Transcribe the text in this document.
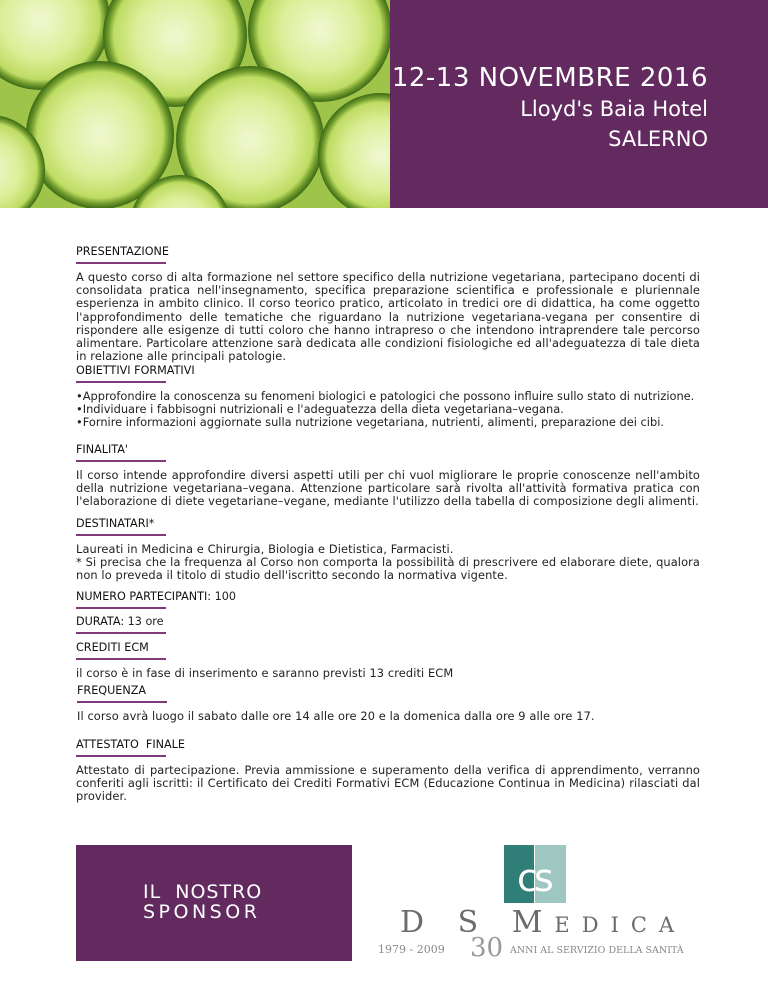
12-13 NOVEMBRE 2016
Lloyd's Baia Hotel
SALERNO
PRESENTAZIONE
A questo corso di alta formazione nel settore specifico della nutrizione vegetariana, partecipano docenti di consolidata pratica nell'insegnamento, specifica preparazione scientifica e professionale e pluriennale esperienza in ambito clinico. Il corso teorico pratico, articolato in tredici ore di didattica, ha come oggetto l'approfondimento delle tematiche che riguardano la nutrizione vegetariana-vegana per consentire di rispondere alle esigenze di tutti coloro che hanno intrapreso o che intendono intraprendere tale percorso alimentare. Particolare attenzione sarà dedicata alle condizioni fisiologiche ed all'adeguatezza di tale dieta in relazione alle principali patologie.
OBIETTIVI FORMATIVI
• Approfondire la conoscenza su fenomeni biologici e patologici che possono influire sullo stato di nutrizione.
• Individuare i fabbisogni nutrizionali e l'adeguatezza della dieta vegetariana–vegana.
• Fornire informazioni aggiornate sulla nutrizione vegetariana, nutrienti, alimenti, preparazione dei cibi.
FINALITA'
Il corso intende approfondire diversi aspetti utili per chi vuol migliorare le proprie conoscenze nell'ambito della nutrizione vegetariana–vegana. Attenzione particolare sarà rivolta all'attività formativa pratica con l'elaborazione di diete vegetariane–vegane, mediante l'utilizzo della tabella di composizione degli alimenti.
DESTINATARI*
Laureati in Medicina e Chirurgia, Biologia e Dietistica, Farmacisti.
* Si precisa che la frequenza al Corso non comporta la possibilità di prescrivere ed elaborare diete, qualora non lo preveda il titolo di studio dell'iscritto secondo la normativa vigente.
NUMERO PARTECIPANTI: 100
DURATA: 13 ore
CREDITI ECM
il corso è in fase di inserimento e saranno previsti 13 crediti ECM
FREQUENZA
Il corso avrà luogo il sabato dalle ore 14 alle ore 20 e la domenica dalla ore 9 alle ore 17.
ATTESTATO  FINALE
Attestato di partecipazione. Previa ammissione e superamento della verifica di apprendimento, verranno conferiti agli iscritti: il Certificato dei Crediti Formativi ECM (Educazione Continua in Medicina) rilasciati dal provider.
IL  NOSTRO
SPONSOR
c
s
D S MEDICA
1979 - 2009 30 ANNI AL SERVIZIO DELLA SANITÀ
